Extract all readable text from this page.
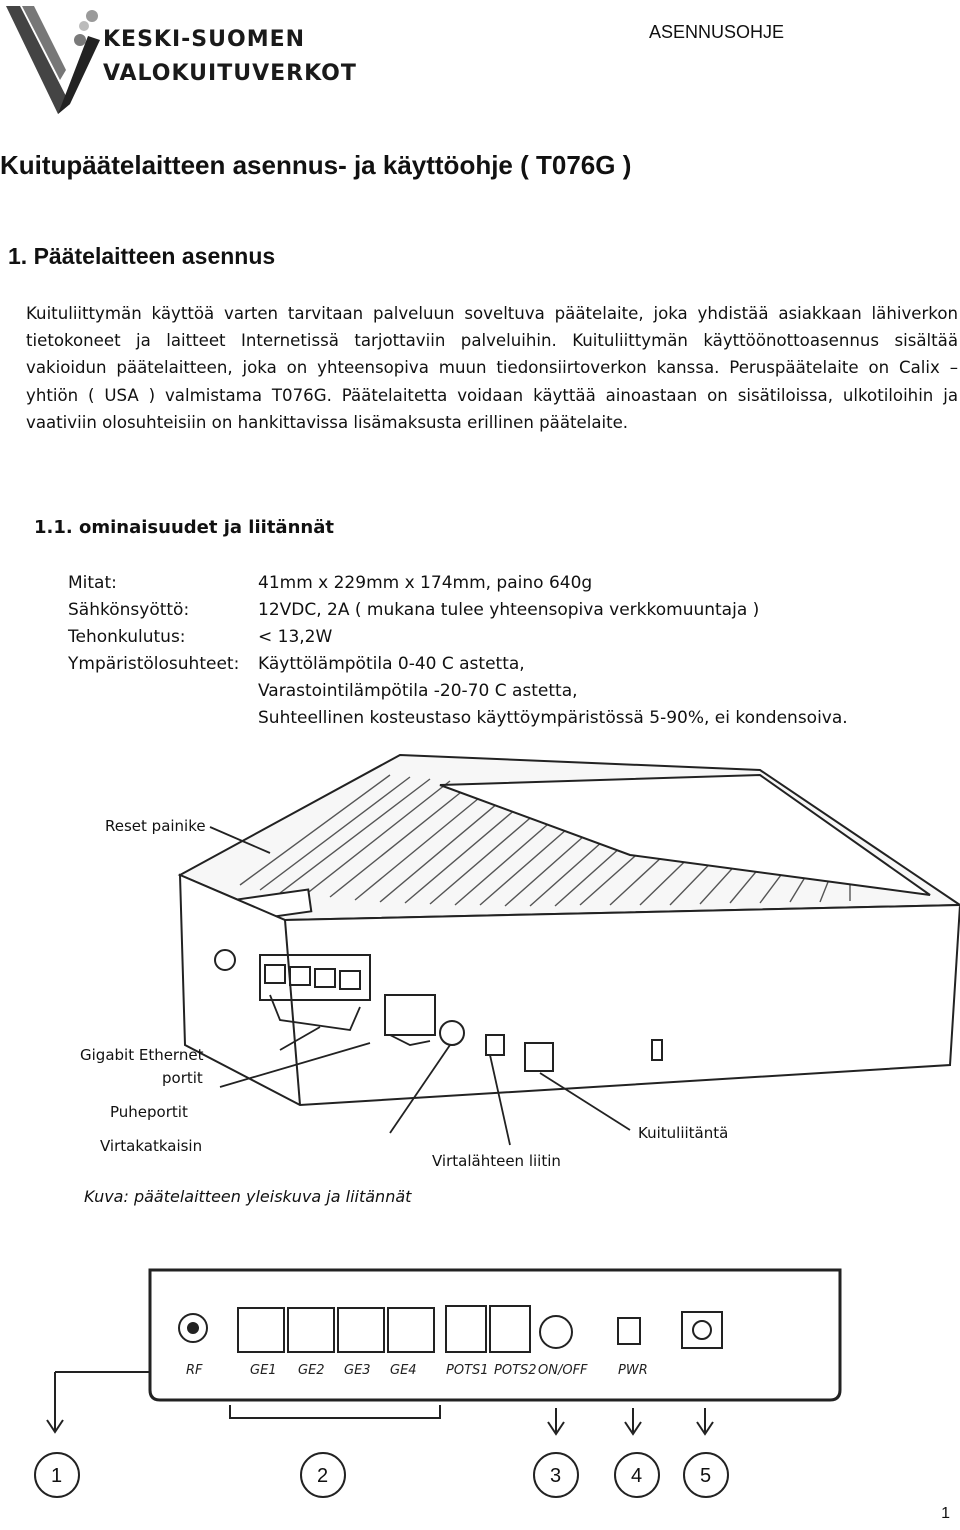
KESKI-SUOMEN
VALOKUITUVERKOT
ASENNUSOHJE
Kuitupäätelaitteen asennus- ja käyttöohje ( T076G )
1. Päätelaitteen asennus
Kuituliittymän käyttöä varten tarvitaan palveluun soveltuva päätelaite, joka yhdistää asiakkaan lähiverkon tietokoneet ja laitteet Internetissä tarjottaviin palveluihin. Kuituliittymän käyttöönottoasennus sisältää vakioidun päätelaitteen, joka on yhteensopiva muun tiedonsiirtoverkon kanssa. Peruspäätelaite on Calix –yhtiön ( USA ) valmistama T076G. Päätelaitetta voidaan käyttää ainoastaan on sisätiloissa, ulkotiloihin ja vaativiin olosuhteisiin on hankittavissa lisämaksusta erillinen päätelaite.
1.1. ominaisuudet ja liitännät
Mitat:	41mm x 229mm x 174mm, paino 640g
Sähkönsyöttö:	12VDC, 2A ( mukana tulee yhteensopiva verkkomuuntaja )
Tehonkulutus:	< 13,2W
Ympäristölosuhteet: Käyttölämpötila 0-40 C astetta,
Varastointilämpötila -20-70 C astetta,
Suhteellinen kosteustaso käyttöympäristössä 5-90%, ei kondensoiva.
Reset painike
Gigabit Ethernet
portit
Puheportit
Virtakatkaisin
Virtalähteen liitin
Kuituliitäntä
Kuva: päätelaitteen yleiskuva ja liitännät
RF	GE1 GE2 GE3 GE4 POTS1 POTS2 ON/OFF PWR
1	2	3	4	5
1
